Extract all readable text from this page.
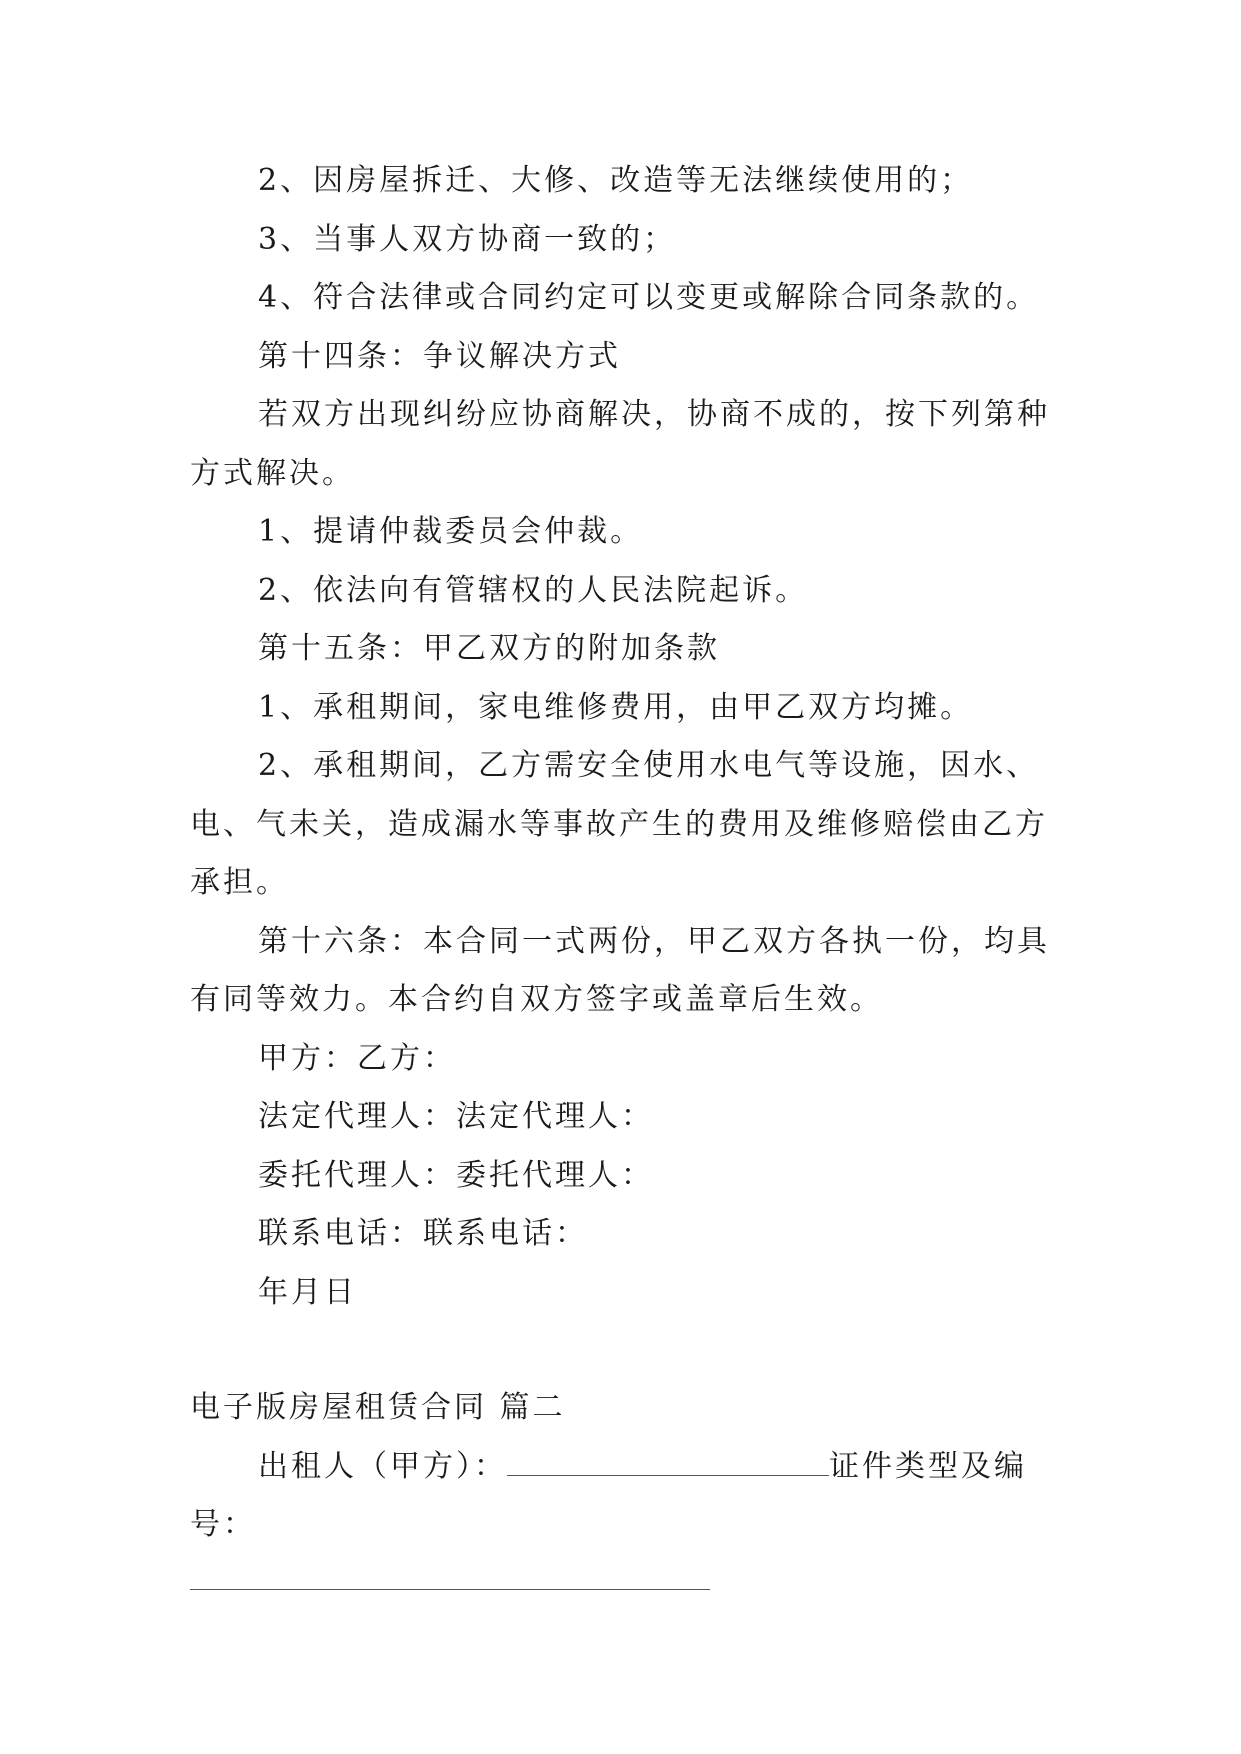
2、因房屋拆迁、大修、改造等无法继续使用的；

3、当事人双方协商一致的；

4、符合法律或合同约定可以变更或解除合同条款的。

第十四条：争议解决方式

若双方出现纠纷应协商解决，协商不成的，按下列第种方式解决。

1、提请仲裁委员会仲裁。

2、依法向有管辖权的人民法院起诉。

第十五条：甲乙双方的附加条款

1、承租期间，家电维修费用，由甲乙双方均摊。

2、承租期间，乙方需安全使用水电气等设施，因水、电、气未关，造成漏水等事故产生的费用及维修赔偿由乙方承担。

第十六条：本合同一式两份，甲乙双方各执一份，均具有同等效力。本合约自双方签字或盖章后生效。

甲方：乙方：

法定代理人：法定代理人：

委托代理人：委托代理人：

联系电话：联系电话：

年月日

电子版房屋租赁合同 篇二

出租人（甲方）：	证件类型及编号：
